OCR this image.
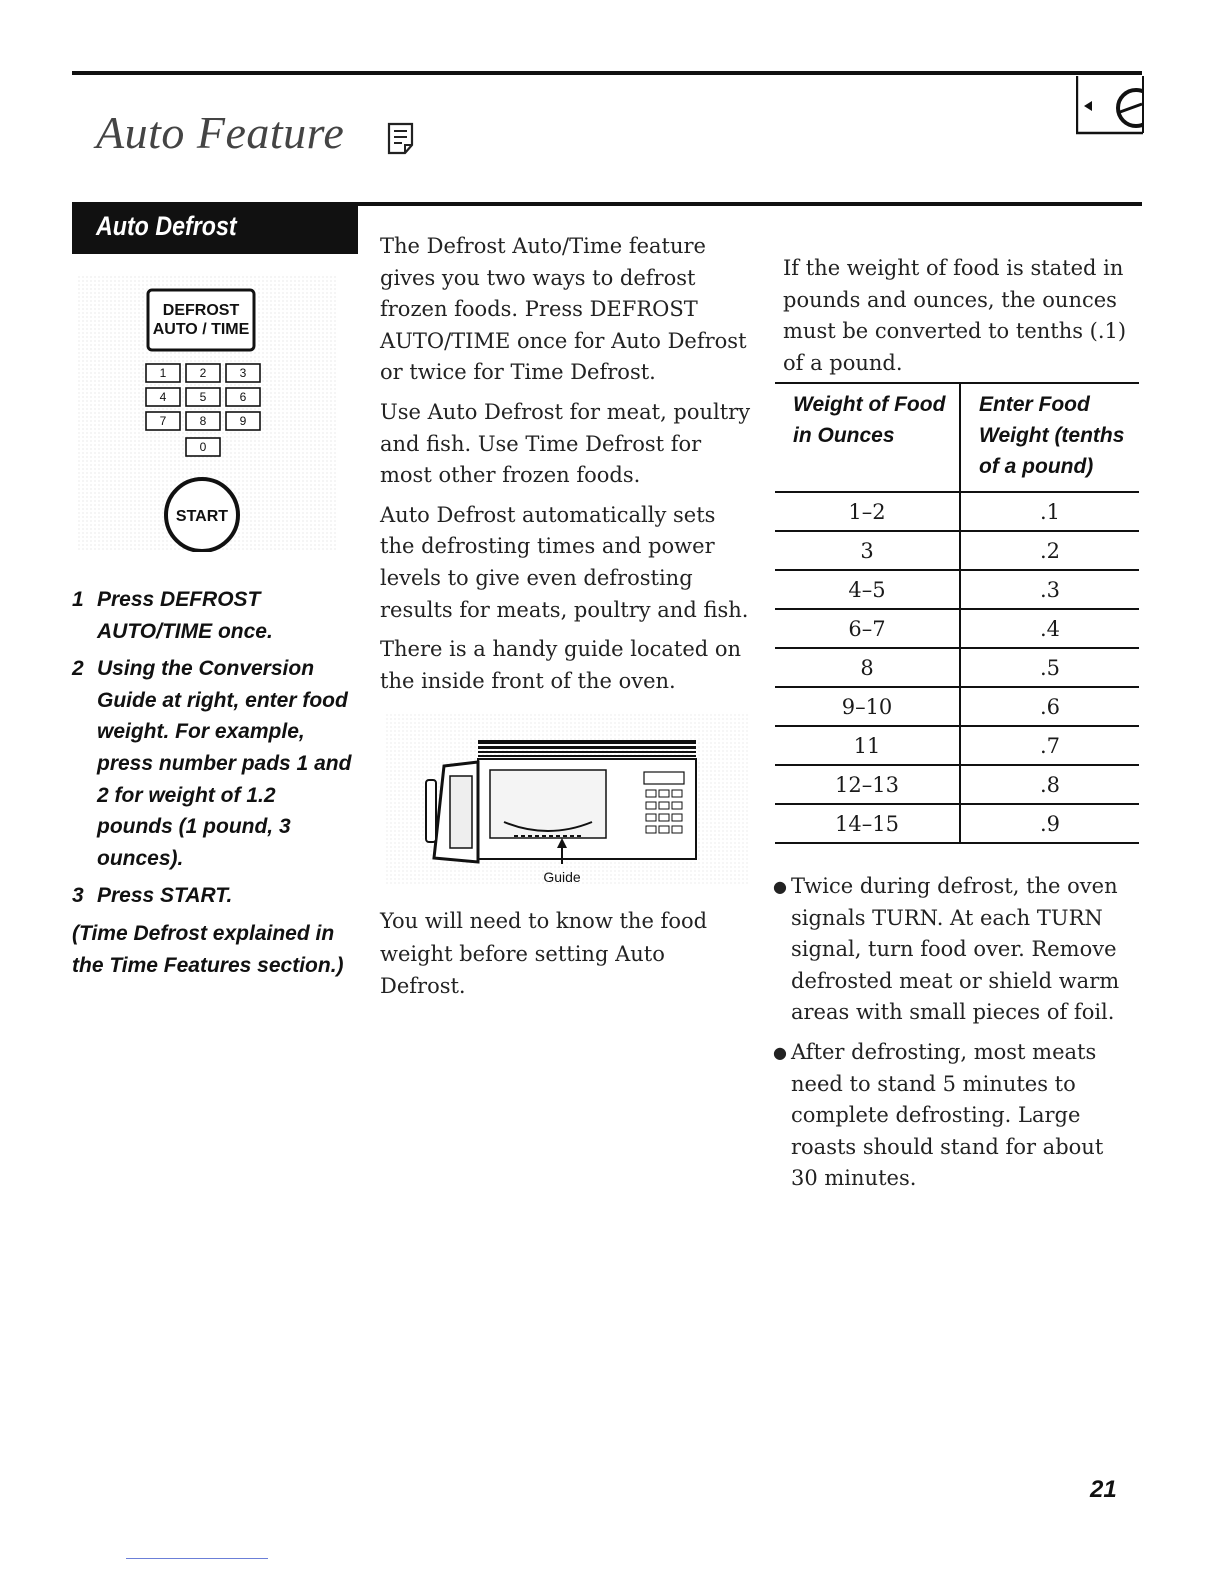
Auto Feature
Auto Defrost
DEFROST
AUTO / TIME
1	2	3
4	5	6
7	8	9
0
START
1 Press DEFROST AUTO/TIME once.
2 Using the Conversion Guide at right, enter food weight. For example, press number pads 1 and 2 for weight of 1.2 pounds (1 pound, 3 ounces).
3 Press START.
(Time Defrost explained in the Time Features section.)

The Defrost Auto/Time feature gives you two ways to defrost frozen foods. Press DEFROST AUTO/TIME once for Auto Defrost or twice for Time Defrost.

Use Auto Defrost for meat, poultry and fish. Use Time Defrost for most other frozen foods.

Auto Defrost automatically sets the defrosting times and power levels to give even defrosting results for meats, poultry and fish.

There is a handy guide located on the inside front of the oven.

Guide
You will need to know the food weight before setting Auto Defrost.

If the weight of food is stated in pounds and ounces, the ounces must be converted to tenths (.1) of a pound.

Weight of Food in Ounces	Enter Food Weight (tenths of a pound)
1–2	.1
3	.2
4–5	.3
6–7	.4
8	.5
9–10	.6
11	.7
12–13	.8
14–15	.9
● Twice during defrost, the oven signals TURN. At each TURN signal, turn food over. Remove defrosted meat or shield warm areas with small pieces of foil.
● After defrosting, most meats need to stand 5 minutes to complete defrosting. Large roasts should stand for about 30 minutes.
21
